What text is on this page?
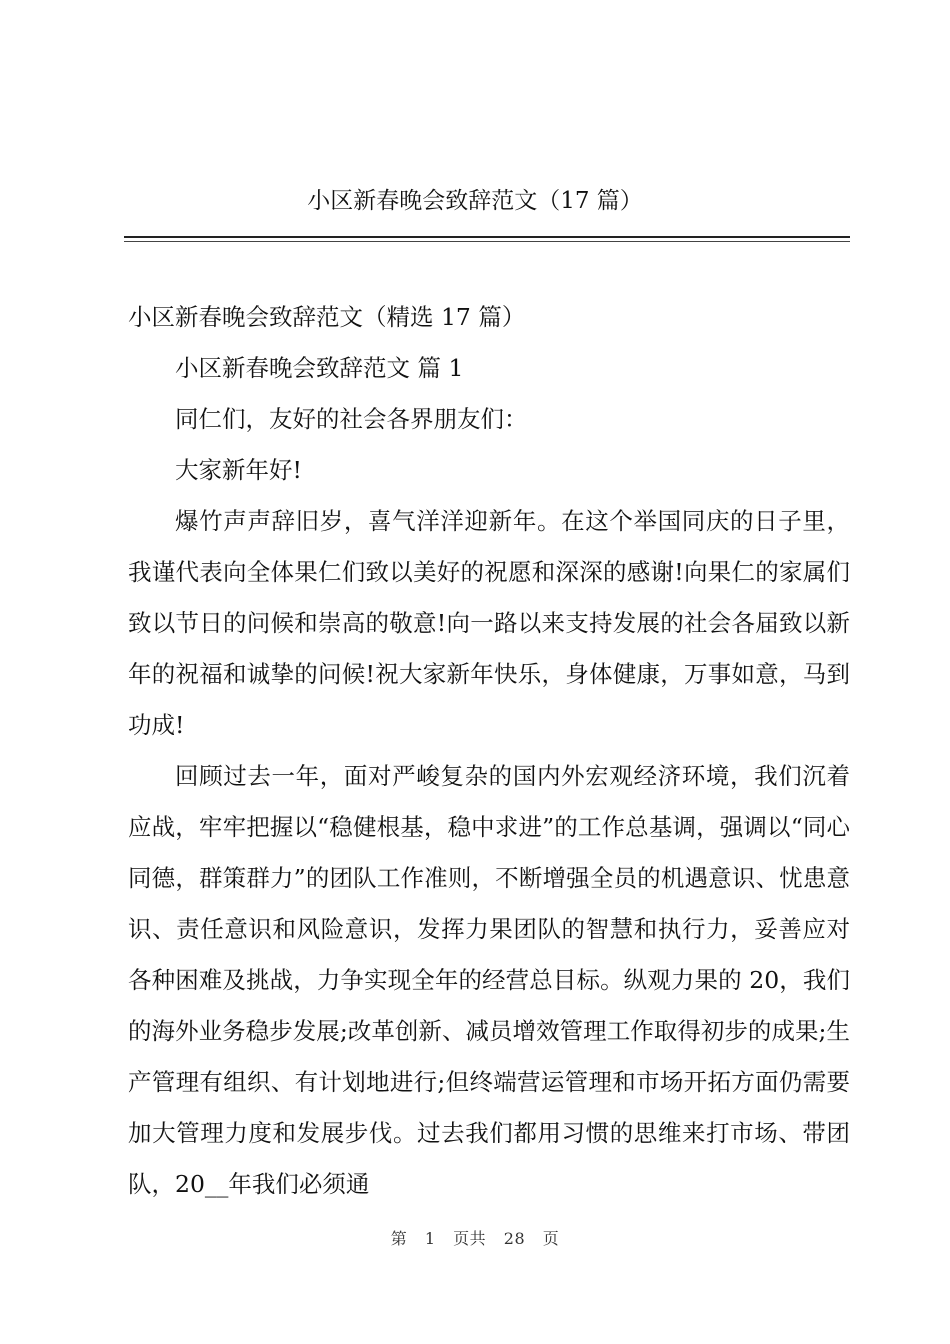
小区新春晚会致辞范文（17 篇）

小区新春晚会致辞范文（精选 17 篇）

小区新春晚会致辞范文 篇 1

同仁们，友好的社会各界朋友们：

大家新年好!

爆竹声声辞旧岁，喜气洋洋迎新年。在这个举国同庆的日子里，我谨代表向全体果仁们致以美好的祝愿和深深的感谢!向果仁的家属们致以节日的问候和崇高的敬意!向一路以来支持发展的社会各届致以新年的祝福和诚挚的问候!祝大家新年快乐，身体健康，万事如意，马到功成!

回顾过去一年，面对严峻复杂的国内外宏观经济环境，我们沉着应战，牢牢把握以“稳健根基，稳中求进”的工作总基调，强调以“同心同德，群策群力”的团队工作准则，不断增强全员的机遇意识、忧患意识、责任意识和风险意识，发挥力果团队的智慧和执行力，妥善应对各种困难及挑战，力争实现全年的经营总目标。纵观力果的 20，我们的海外业务稳步发展;改革创新、减员增效管理工作取得初步的成果;生产管理有组织、有计划地进行;但终端营运管理和市场开拓方面仍需要加大管理力度和发展步伐。过去我们都用习惯的思维来打市场、带团队，20__年我们必须通

第 1 页共 28 页
